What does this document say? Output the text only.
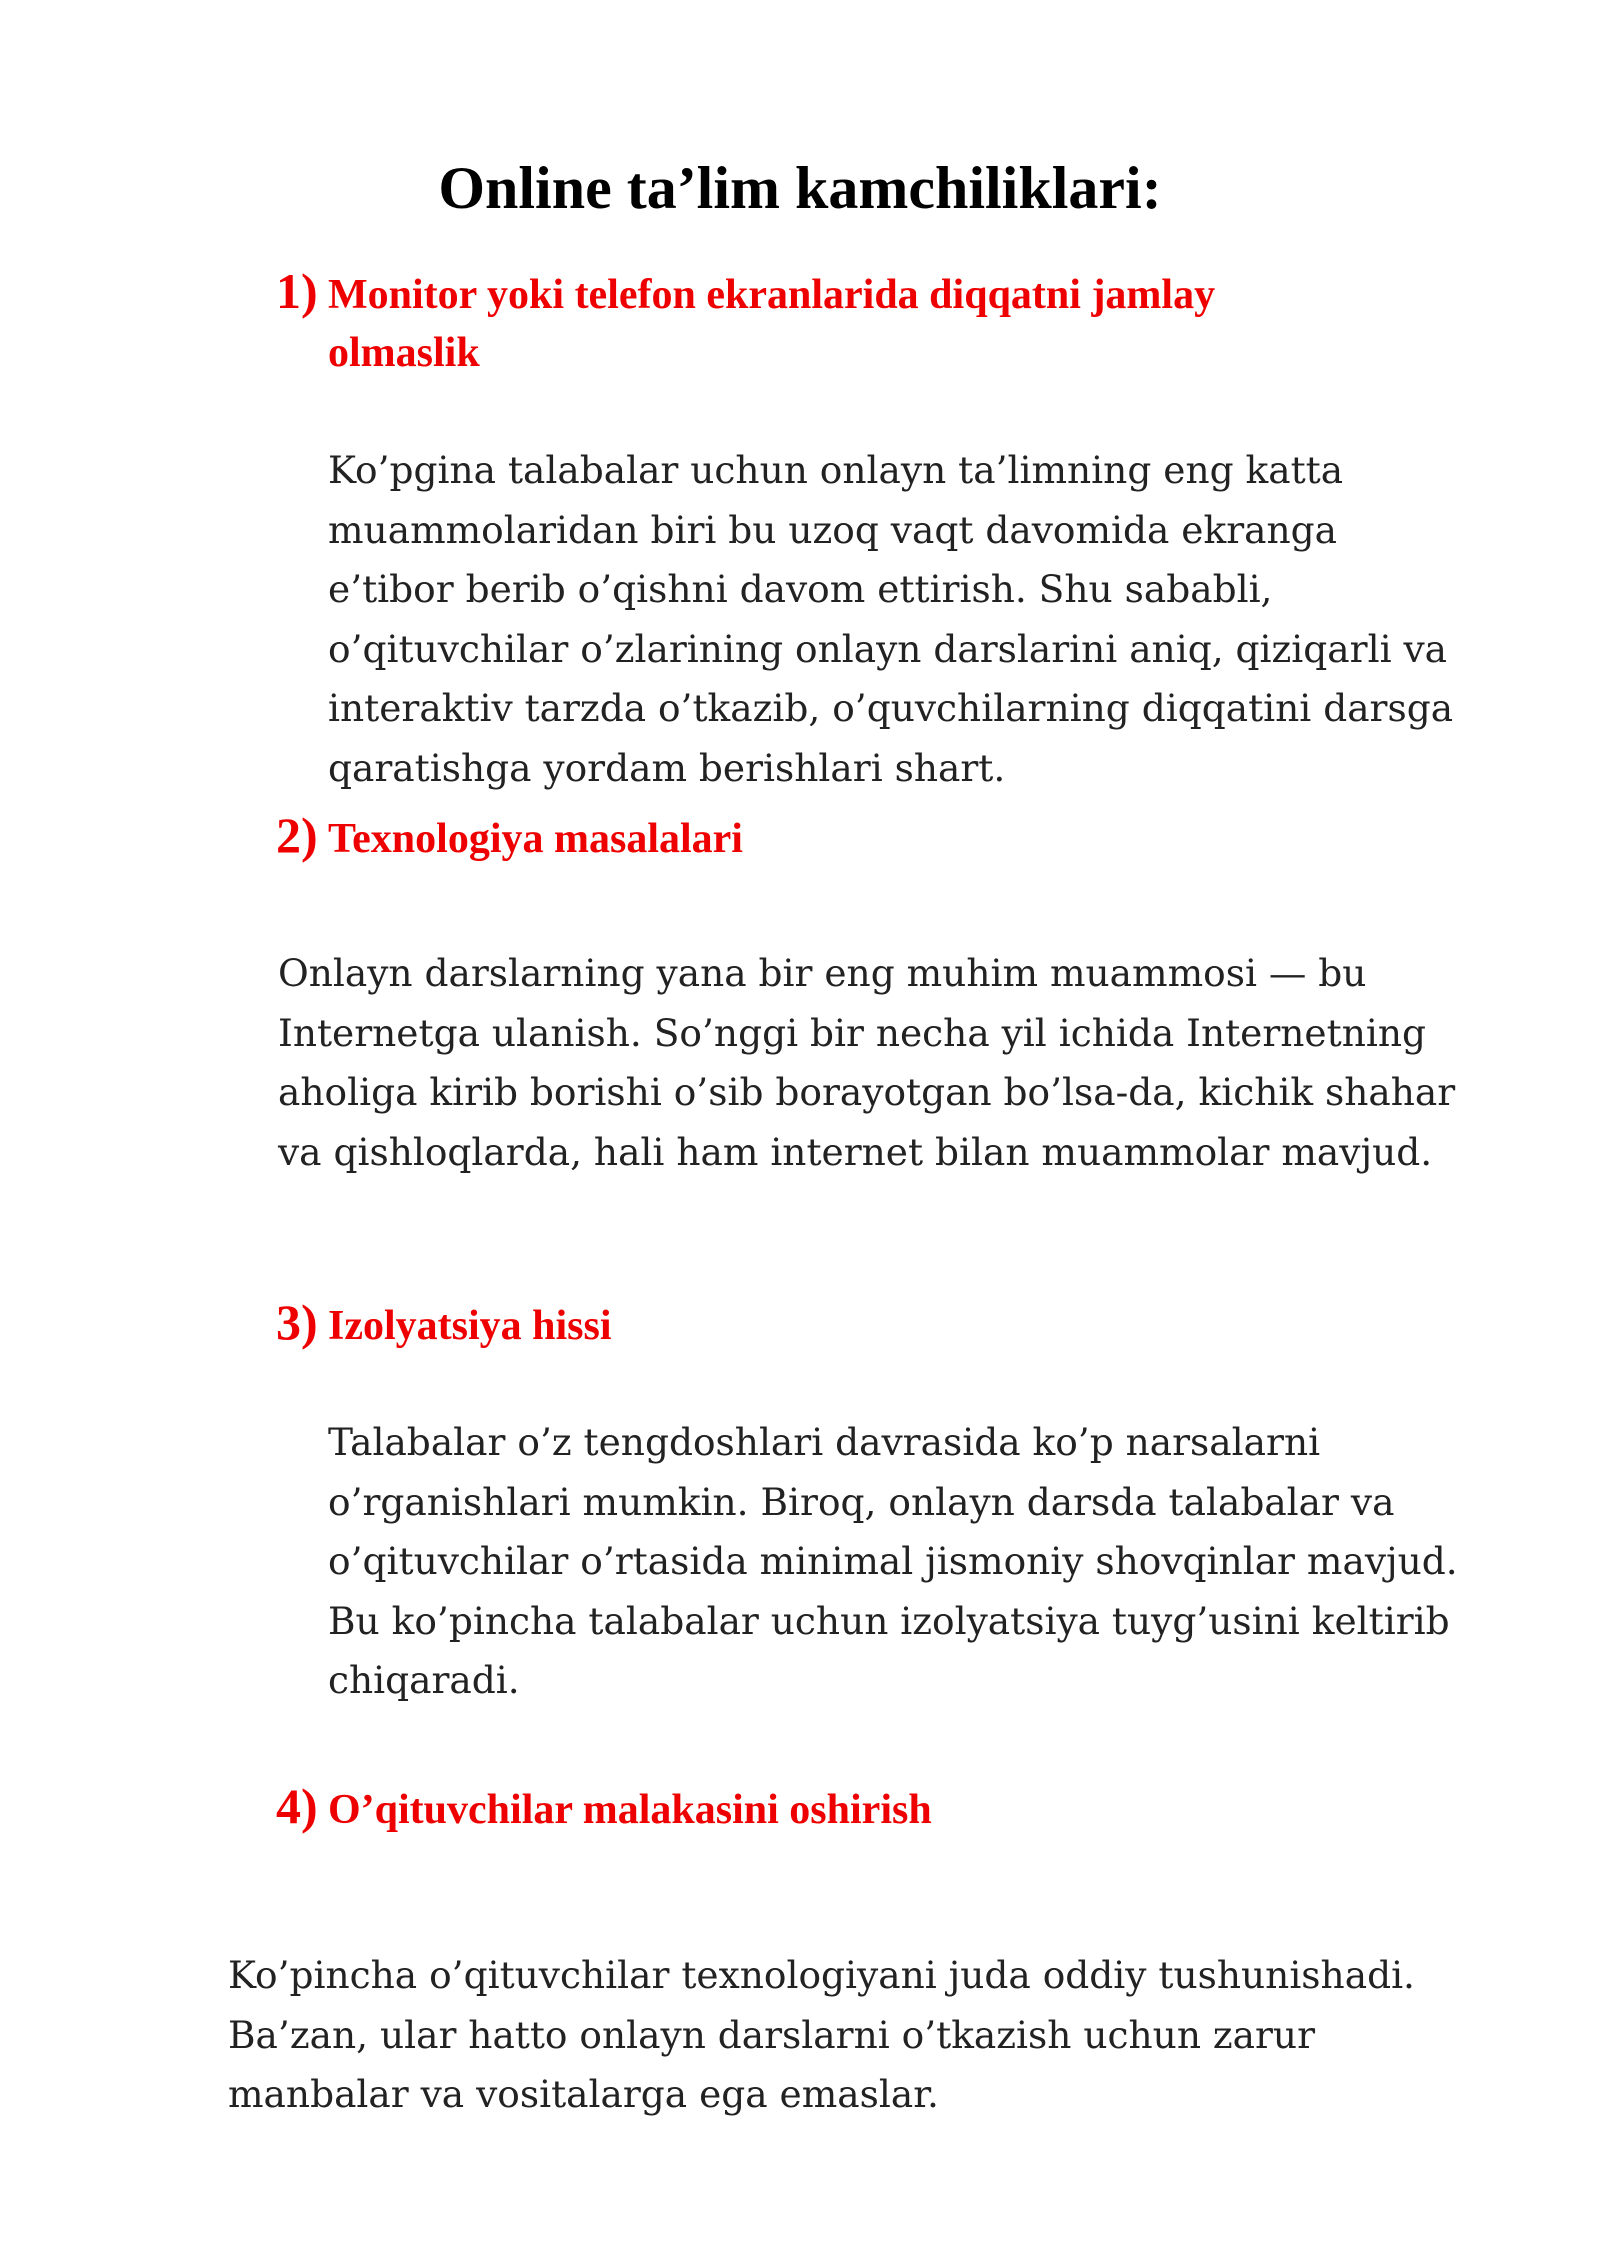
Online ta’lim kamchiliklari:
1) Monitor yoki telefon ekranlarida diqqatni jamlay
olmaslik
Ko’pgina talabalar uchun onlayn ta’limning eng katta
muammolaridan biri bu uzoq vaqt davomida ekranga
e’tibor berib o’qishni davom ettirish. Shu sababli,
o’qituvchilar o’zlarining onlayn darslarini aniq, qiziqarli va
interaktiv tarzda o’tkazib, o’quvchilarning diqqatini darsga
qaratishga yordam berishlari shart.
2) Texnologiya masalalari
Onlayn darslarning yana bir eng muhim muammosi — bu
Internetga ulanish. So’nggi bir necha yil ichida Internetning
aholiga kirib borishi o’sib borayotgan bo’lsa-da, kichik shahar
va qishloqlarda, hali ham internet bilan muammolar mavjud.
3) Izolyatsiya hissi
Talabalar o’z tengdoshlari davrasida ko’p narsalarni
o’rganishlari mumkin. Biroq, onlayn darsda talabalar va
o’qituvchilar o’rtasida minimal jismoniy shovqinlar mavjud.
Bu ko’pincha talabalar uchun izolyatsiya tuyg’usini keltirib
chiqaradi.
4) O’qituvchilar malakasini oshirish
Ko’pincha o’qituvchilar texnologiyani juda oddiy tushunishadi.
Ba’zan, ular hatto onlayn darslarni o’tkazish uchun zarur
manbalar va vositalarga ega emaslar.
